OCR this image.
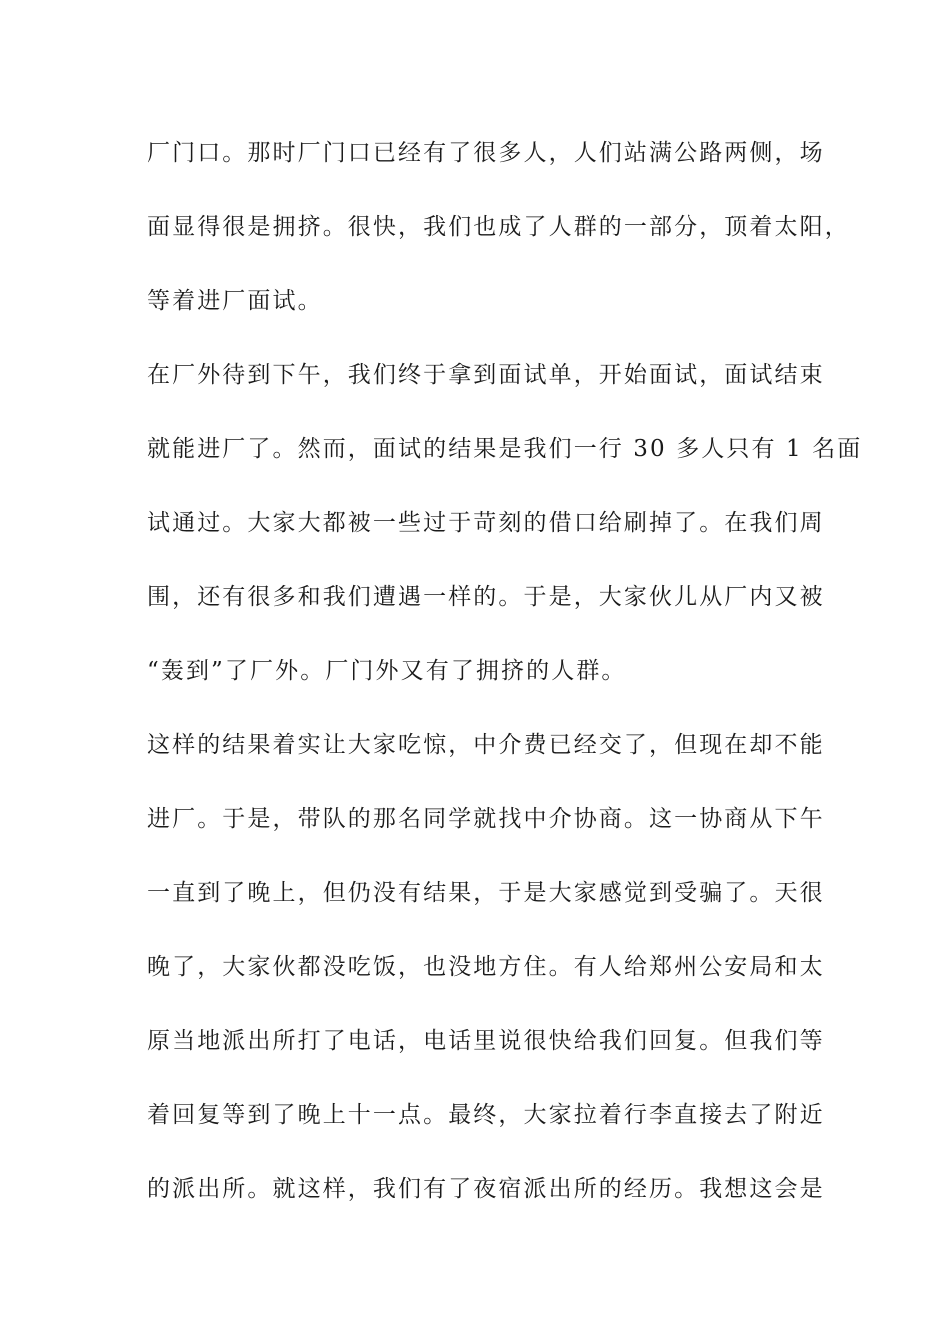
厂门口。那时厂门口已经有了很多人，人们站满公路两侧，场
面显得很是拥挤。很快，我们也成了人群的一部分，顶着太阳，
等着进厂面试。
在厂外待到下午，我们终于拿到面试单，开始面试，面试结束
就能进厂了。然而，面试的结果是我们一行 30 多人只有 1 名面
试通过。大家大都被一些过于苛刻的借口给刷掉了。在我们周
围，还有很多和我们遭遇一样的。于是，大家伙儿从厂内又被
“轰到”了厂外。厂门外又有了拥挤的人群。
这样的结果着实让大家吃惊，中介费已经交了，但现在却不能
进厂。于是，带队的那名同学就找中介协商。这一协商从下午
一直到了晚上，但仍没有结果，于是大家感觉到受骗了。天很
晚了，大家伙都没吃饭，也没地方住。有人给郑州公安局和太
原当地派出所打了电话，电话里说很快给我们回复。但我们等
着回复等到了晚上十一点。最终，大家拉着行李直接去了附近
的派出所。就这样，我们有了夜宿派出所的经历。我想这会是
